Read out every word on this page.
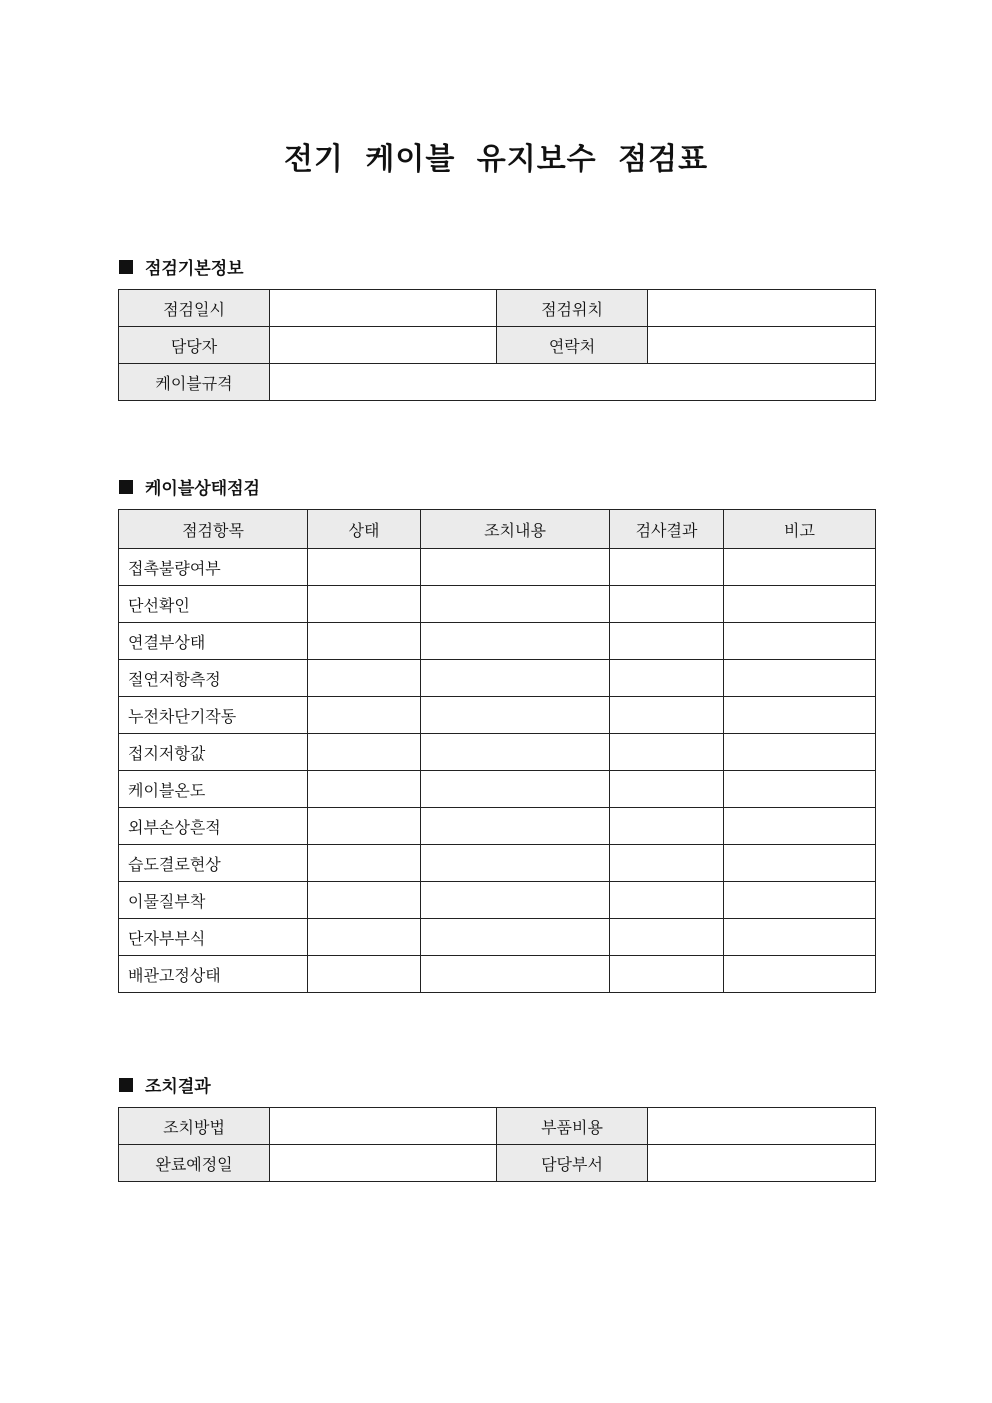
전기 케이블 유지보수 점검표
점검기본정보
점검일시		점검위치	
담당자		연락처	
케이블규격			
케이블상태점검
점검항목	상태	조치내용	검사결과	비고
접촉불량여부				
단선확인				
연결부상태				
절연저항측정				
누전차단기작동				
접지저항값				
케이블온도				
외부손상흔적				
습도결로현상				
이물질부착				
단자부부식				
배관고정상태				
조치결과
조치방법		부품비용	
완료예정일		담당부서	
